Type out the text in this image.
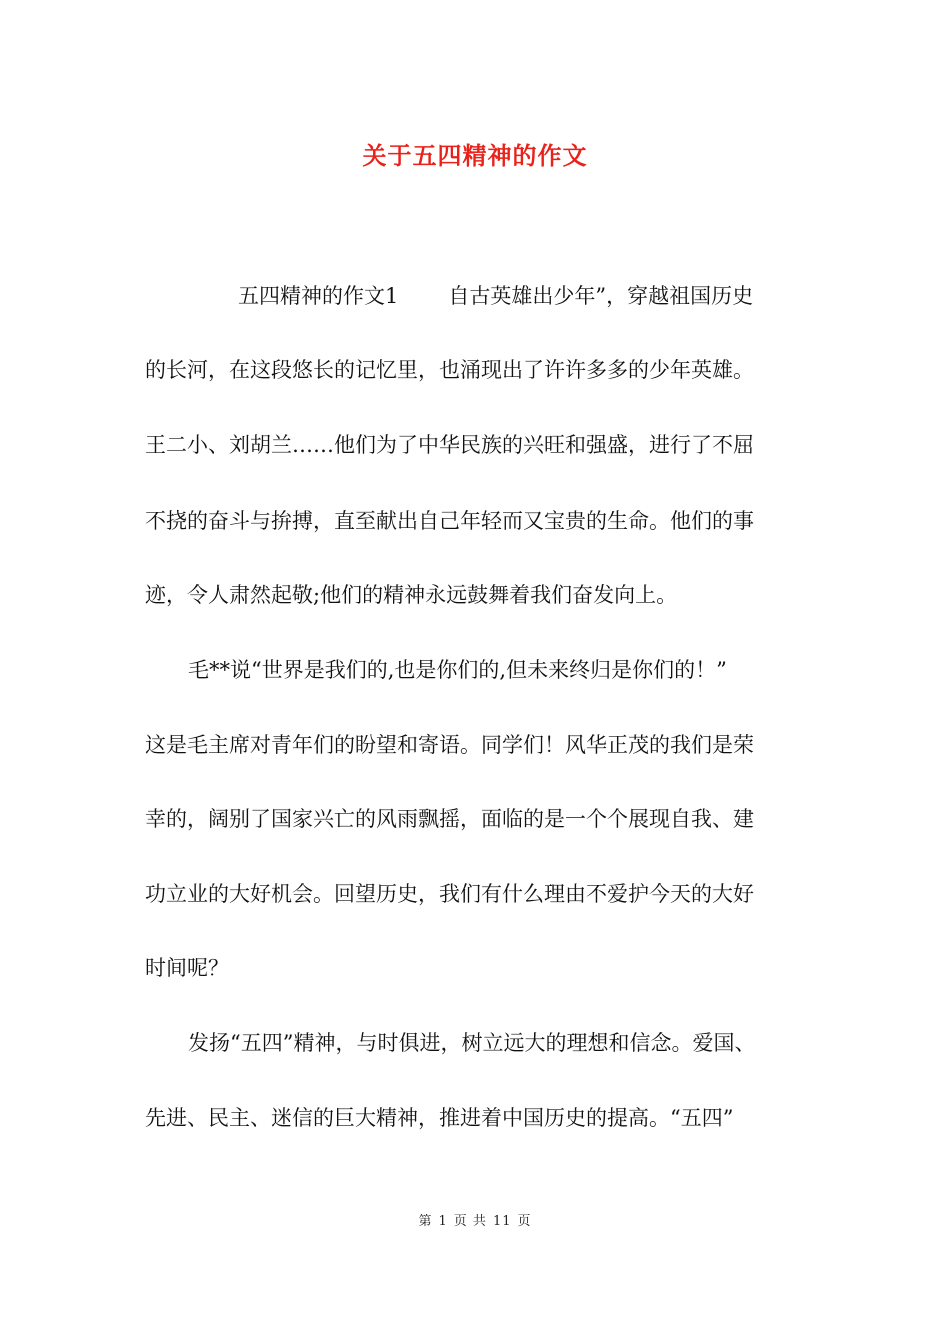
关于五四精神的作文
五四精神的作文1 自古英雄出少年”，穿越祖国历史
的长河，在这段悠长的记忆里，也涌现出了许许多多的少年英雄。
王二小、刘胡兰……他们为了中华民族的兴旺和强盛，进行了不屈
不挠的奋斗与拚搏，直至献出自己年轻而又宝贵的生命。他们的事
迹，令人肃然起敬;他们的精神永远鼓舞着我们奋发向上。
毛**说“世界是我们的,也是你们的,但未来终归是你们的！”
这是毛主席对青年们的盼望和寄语。同学们！风华正茂的我们是荣
幸的，阔别了国家兴亡的风雨飘摇，面临的是一个个展现自我、建
功立业的大好机会。回望历史，我们有什么理由不爱护今天的大好
时间呢？
发扬“五四”精神，与时俱进，树立远大的理想和信念。爱国、
先进、民主、迷信的巨大精神，推进着中国历史的提高。“五四”
第 1 页 共 11 页
